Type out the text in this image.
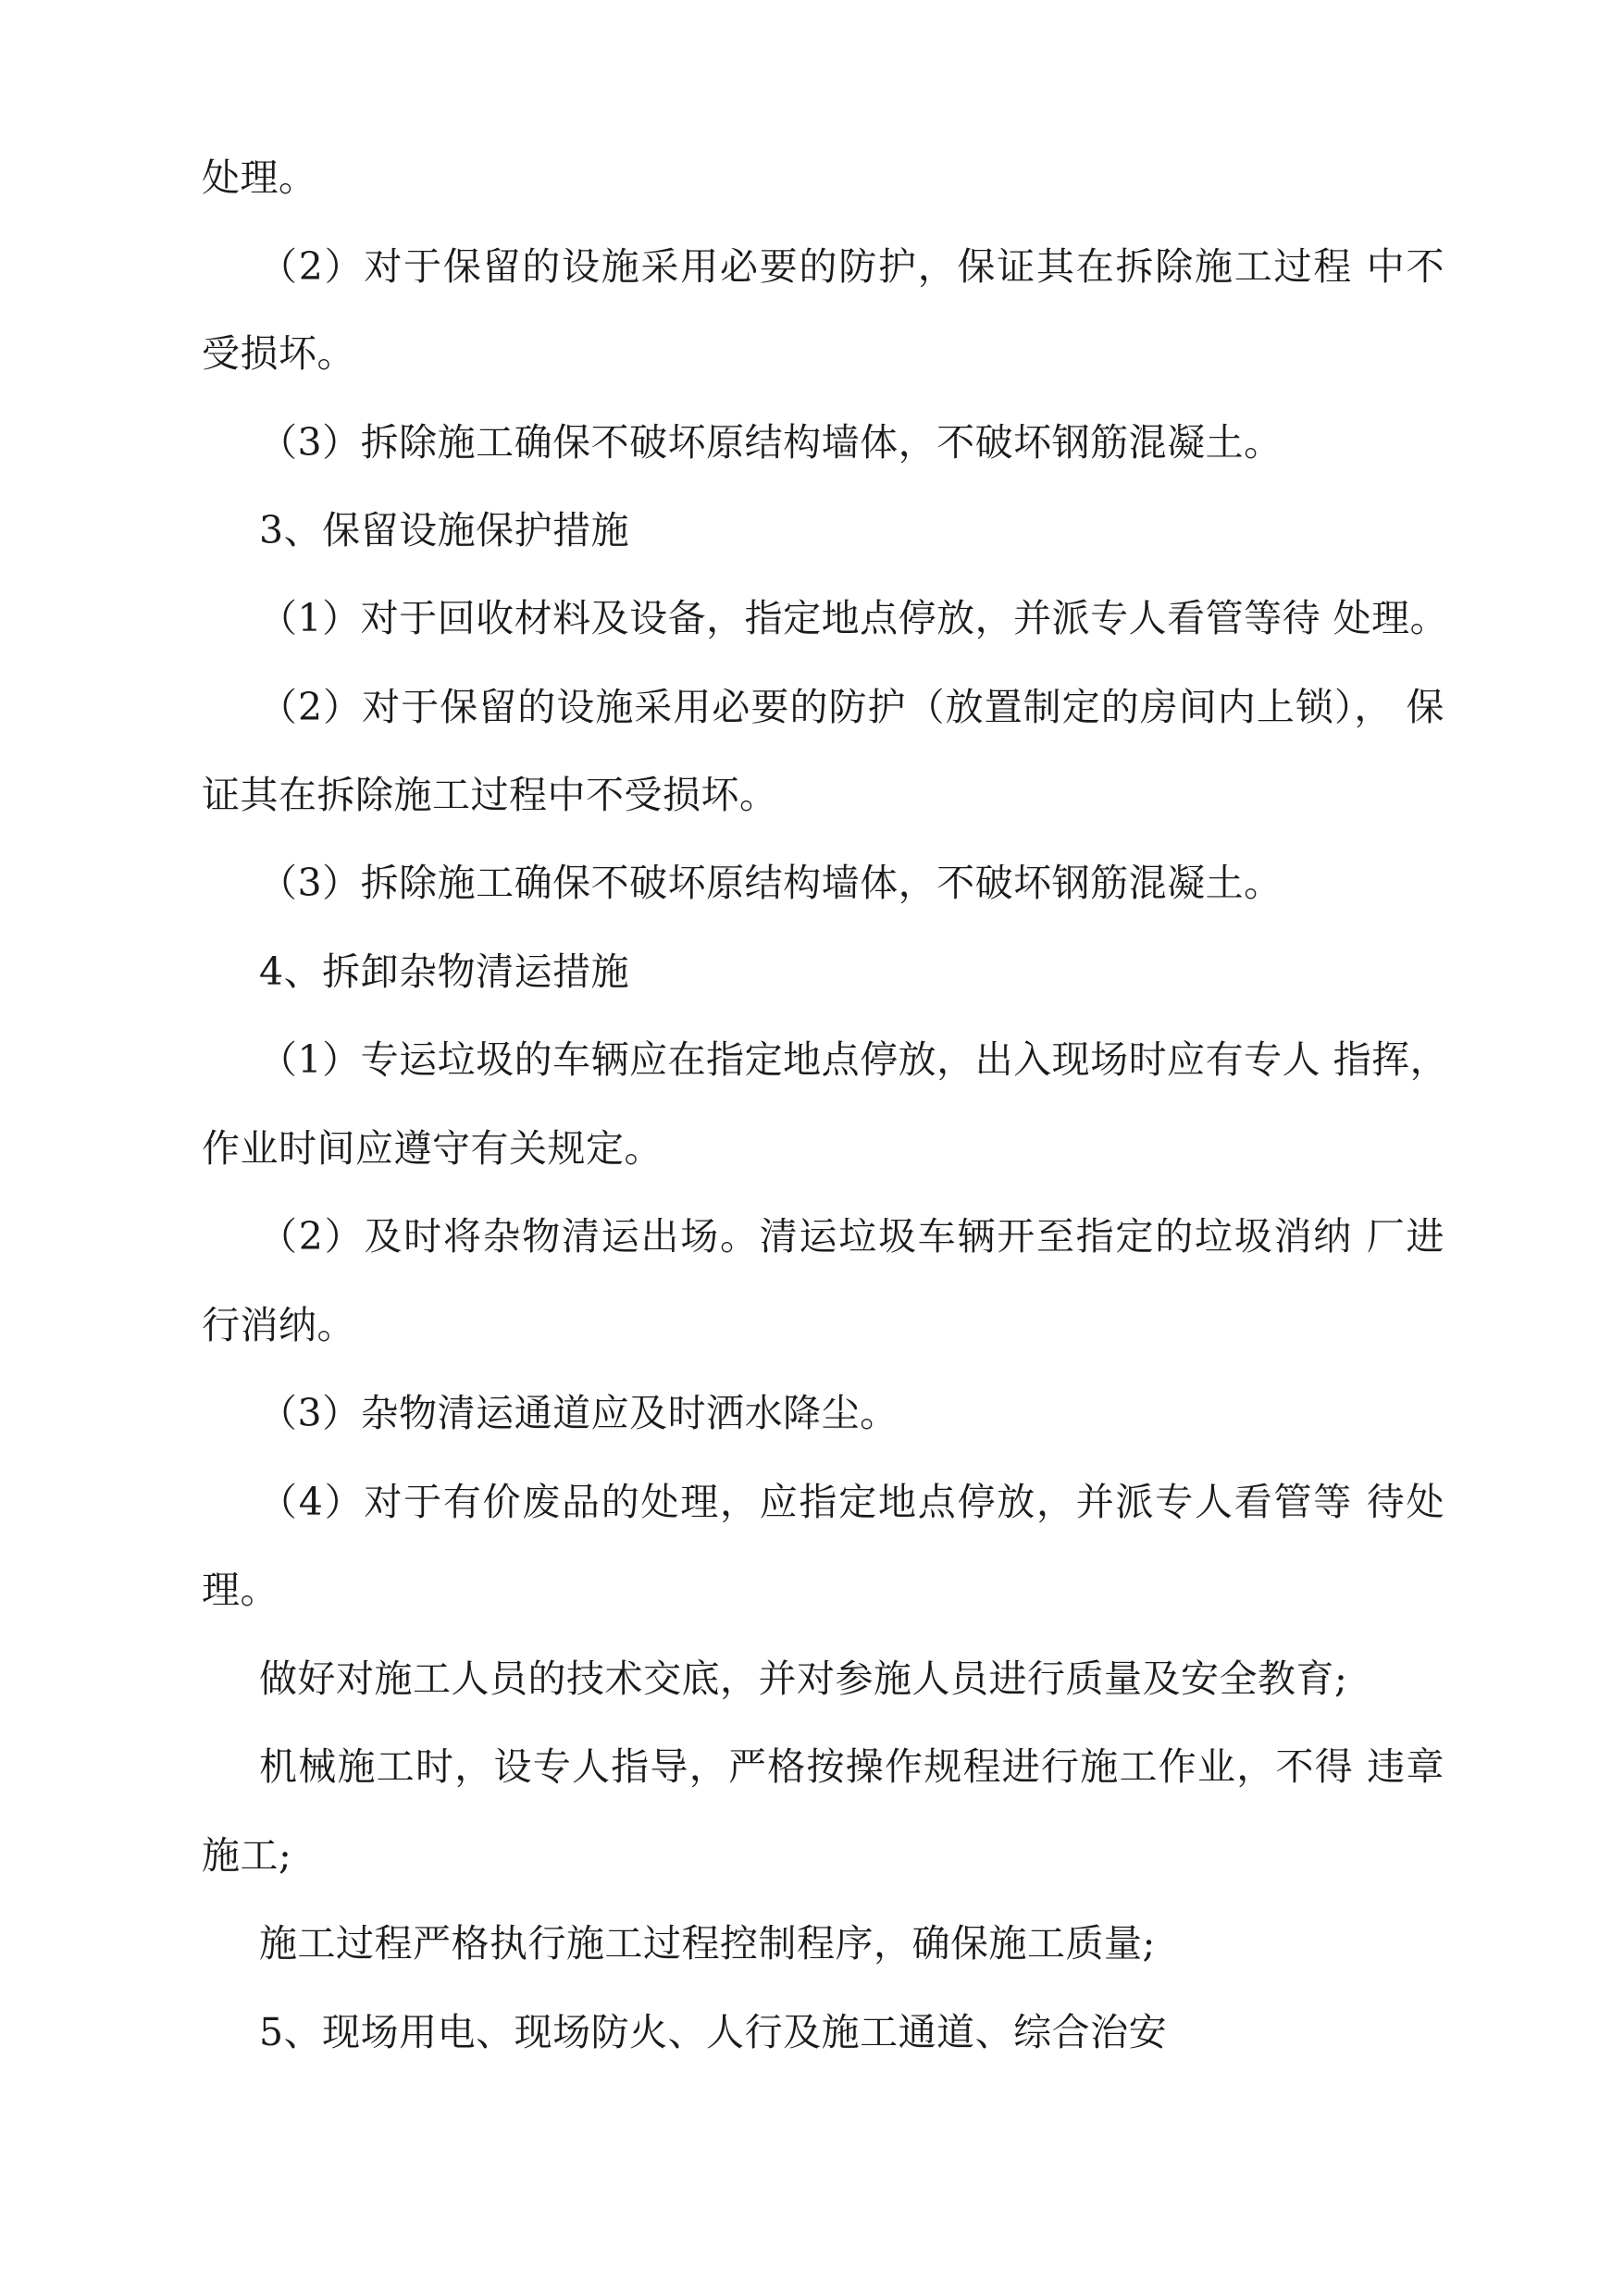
处理。
（2）对于保留的设施采用必要的防护，保证其在拆除施工过程 中不
受损坏。
（3）拆除施工确保不破坏原结构墙体，不破坏钢筋混凝土。
3、保留设施保护措施
（1）对于回收材料及设备，指定地点停放，并派专人看管等待 处理。
（2）对于保留的设施采用必要的防护（放置制定的房间内上锁）， 保
证其在拆除施工过程中不受损坏。
（3）拆除施工确保不破坏原结构墙体，不破坏钢筋混凝土。
4、拆卸杂物清运措施
（1）专运垃圾的车辆应在指定地点停放，出入现场时应有专人 指挥，
作业时间应遵守有关规定。
（2）及时将杂物清运出场。清运垃圾车辆开至指定的垃圾消纳 厂进
行消纳。
（3）杂物清运通道应及时洒水降尘。
（4）对于有价废品的处理，应指定地点停放，并派专人看管等 待处
理。
做好对施工人员的技术交底，并对参施人员进行质量及安全教育;
机械施工时，设专人指导，严格按操作规程进行施工作业，不得 违章
施工;
施工过程严格执行施工过程控制程序，确保施工质量;
5、现场用电、现场防火、人行及施工通道、综合治安
